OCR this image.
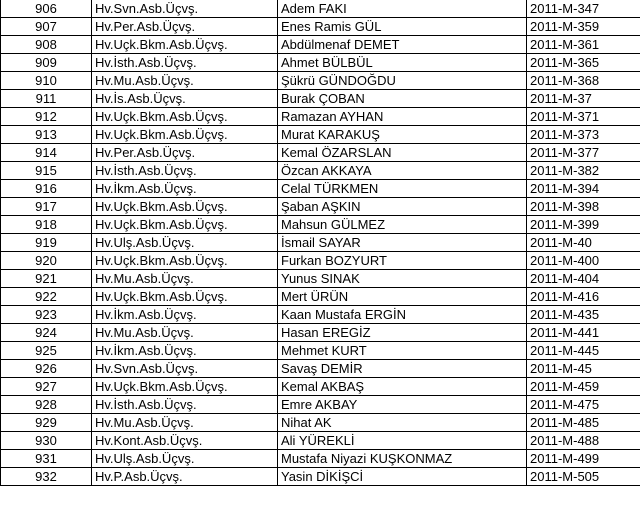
906	Hv.Svn.Asb.Üçvş.	Adem FAKI	2011-M-347
907	Hv.Per.Asb.Üçvş.	Enes Ramis GÜL	2011-M-359
908	Hv.Uçk.Bkm.Asb.Üçvş.	Abdülmenaf DEMET	2011-M-361
909	Hv.İsth.Asb.Üçvş.	Ahmet BÜLBÜL	2011-M-365
910	Hv.Mu.Asb.Üçvş.	Şükrü GÜNDOĞDU	2011-M-368
911	Hv.İs.Asb.Üçvş.	Burak ÇOBAN	2011-M-37
912	Hv.Uçk.Bkm.Asb.Üçvş.	Ramazan AYHAN	2011-M-371
913	Hv.Uçk.Bkm.Asb.Üçvş.	Murat KARAKUŞ	2011-M-373
914	Hv.Per.Asb.Üçvş.	Kemal ÖZARSLAN	2011-M-377
915	Hv.İsth.Asb.Üçvş.	Özcan AKKAYA	2011-M-382
916	Hv.İkm.Asb.Üçvş.	Celal TÜRKMEN	2011-M-394
917	Hv.Uçk.Bkm.Asb.Üçvş.	Şaban AŞKIN	2011-M-398
918	Hv.Uçk.Bkm.Asb.Üçvş.	Mahsun GÜLMEZ	2011-M-399
919	Hv.Ulş.Asb.Üçvş.	İsmail SAYAR	2011-M-40
920	Hv.Uçk.Bkm.Asb.Üçvş.	Furkan BOZYURT	2011-M-400
921	Hv.Mu.Asb.Üçvş.	Yunus SINAK	2011-M-404
922	Hv.Uçk.Bkm.Asb.Üçvş.	Mert ÜRÜN	2011-M-416
923	Hv.İkm.Asb.Üçvş.	Kaan Mustafa ERGİN	2011-M-435
924	Hv.Mu.Asb.Üçvş.	Hasan EREGİZ	2011-M-441
925	Hv.İkm.Asb.Üçvş.	Mehmet KURT	2011-M-445
926	Hv.Svn.Asb.Üçvş.	Savaş DEMİR	2011-M-45
927	Hv.Uçk.Bkm.Asb.Üçvş.	Kemal AKBAŞ	2011-M-459
928	Hv.İsth.Asb.Üçvş.	Emre AKBAY	2011-M-475
929	Hv.Mu.Asb.Üçvş.	Nihat AK	2011-M-485
930	Hv.Kont.Asb.Üçvş.	Ali YÜREKLİ	2011-M-488
931	Hv.Ulş.Asb.Üçvş.	Mustafa Niyazi KUŞKONMAZ	2011-M-499
932	Hv.P.Asb.Üçvş.	Yasin DİKİŞCİ	2011-M-505
